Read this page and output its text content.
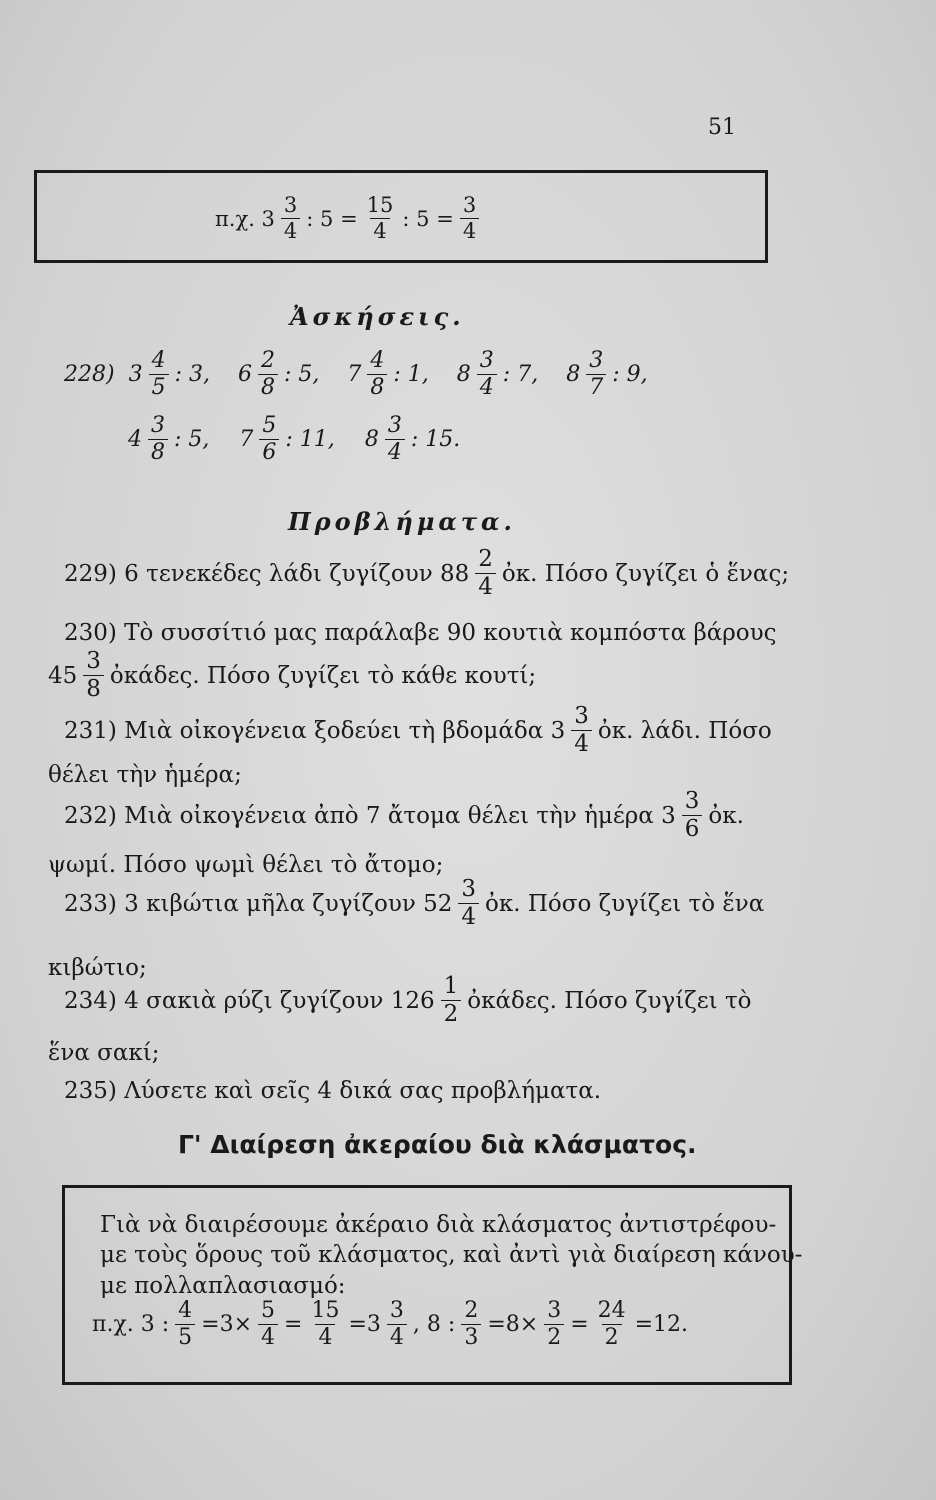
51
π.χ. $3 \frac{3}{4}$ : $5 = \frac{15}{4}$ : $5 = \frac{3}{4}$
Ἀσκήσεις.
228) $3 \frac{4}{5}$ : 3, $6 \frac{2}{8}$ : 5, $7 \frac{4}{8}$ : 1, $8 \frac{3}{4}$ : 7, $8 \frac{3}{7}$ : 9,
$4 \frac{3}{8}$ : 5, $7 \frac{5}{6}$ : 11, $8 \frac{3}{4}$ : 15.
Προβλήματα.
229) 6 τενεκέδες λάδι ζυγίζουν $88 \frac{2}{4}$ ὀκ. Πόσο ζυγίζει ὁ ἕνας;
230) Τὸ συσσίτιό μας παράλαβε 90 κουτιὰ κομπόστα βάρους
$45 \frac{3}{8}$ ὀκάδες. Πόσο ζυγίζει τὸ κάθε κουτί;
231) Μιὰ οἰκογένεια ξοδεύει τὴ βδομάδα $3 \frac{3}{4}$ ὀκ. λάδι. Πόσο
θέλει τὴν ἡμέρα;
232) Μιὰ οἰκογένεια ἀπὸ 7 ἄτομα θέλει τὴν ἡμέρα $3 \frac{3}{6}$ ὀκ.
ψωμί. Πόσο ψωμὶ θέλει τὸ ἄτομο;
233) 3 κιβώτια μῆλα ζυγίζουν $52 \frac{3}{4}$ ὀκ. Πόσο ζυγίζει τὸ ἕνα
κιβώτιο;
234) 4 σακιὰ ρύζι ζυγίζουν $126 \frac{1}{2}$ ὀκάδες. Πόσο ζυγίζει τὸ
ἕνα σακί;
235) Λύσετε καὶ σεῖς 4 δικά σας προβλήματα.
Γ' Διαίρεση ἀκεραίου διὰ κλάσματος.
Γιὰ νὰ διαιρέσουμε ἀκέραιο διὰ κλάσματος ἀντιστρέφου-
με τοὺς ὅρους τοῦ κλάσματος, καὶ ἀντὶ γιὰ διαίρεση κάνου-
με πολλαπλασιασμό:
π.χ. 3 : $\frac{4}{5} =3\times \frac{5}{4} = \frac{15}{4} =3 \frac{3}{4}$ , 8 : $\frac{2}{3} =8\times \frac{3}{2} = \frac{24}{2} =12$.
